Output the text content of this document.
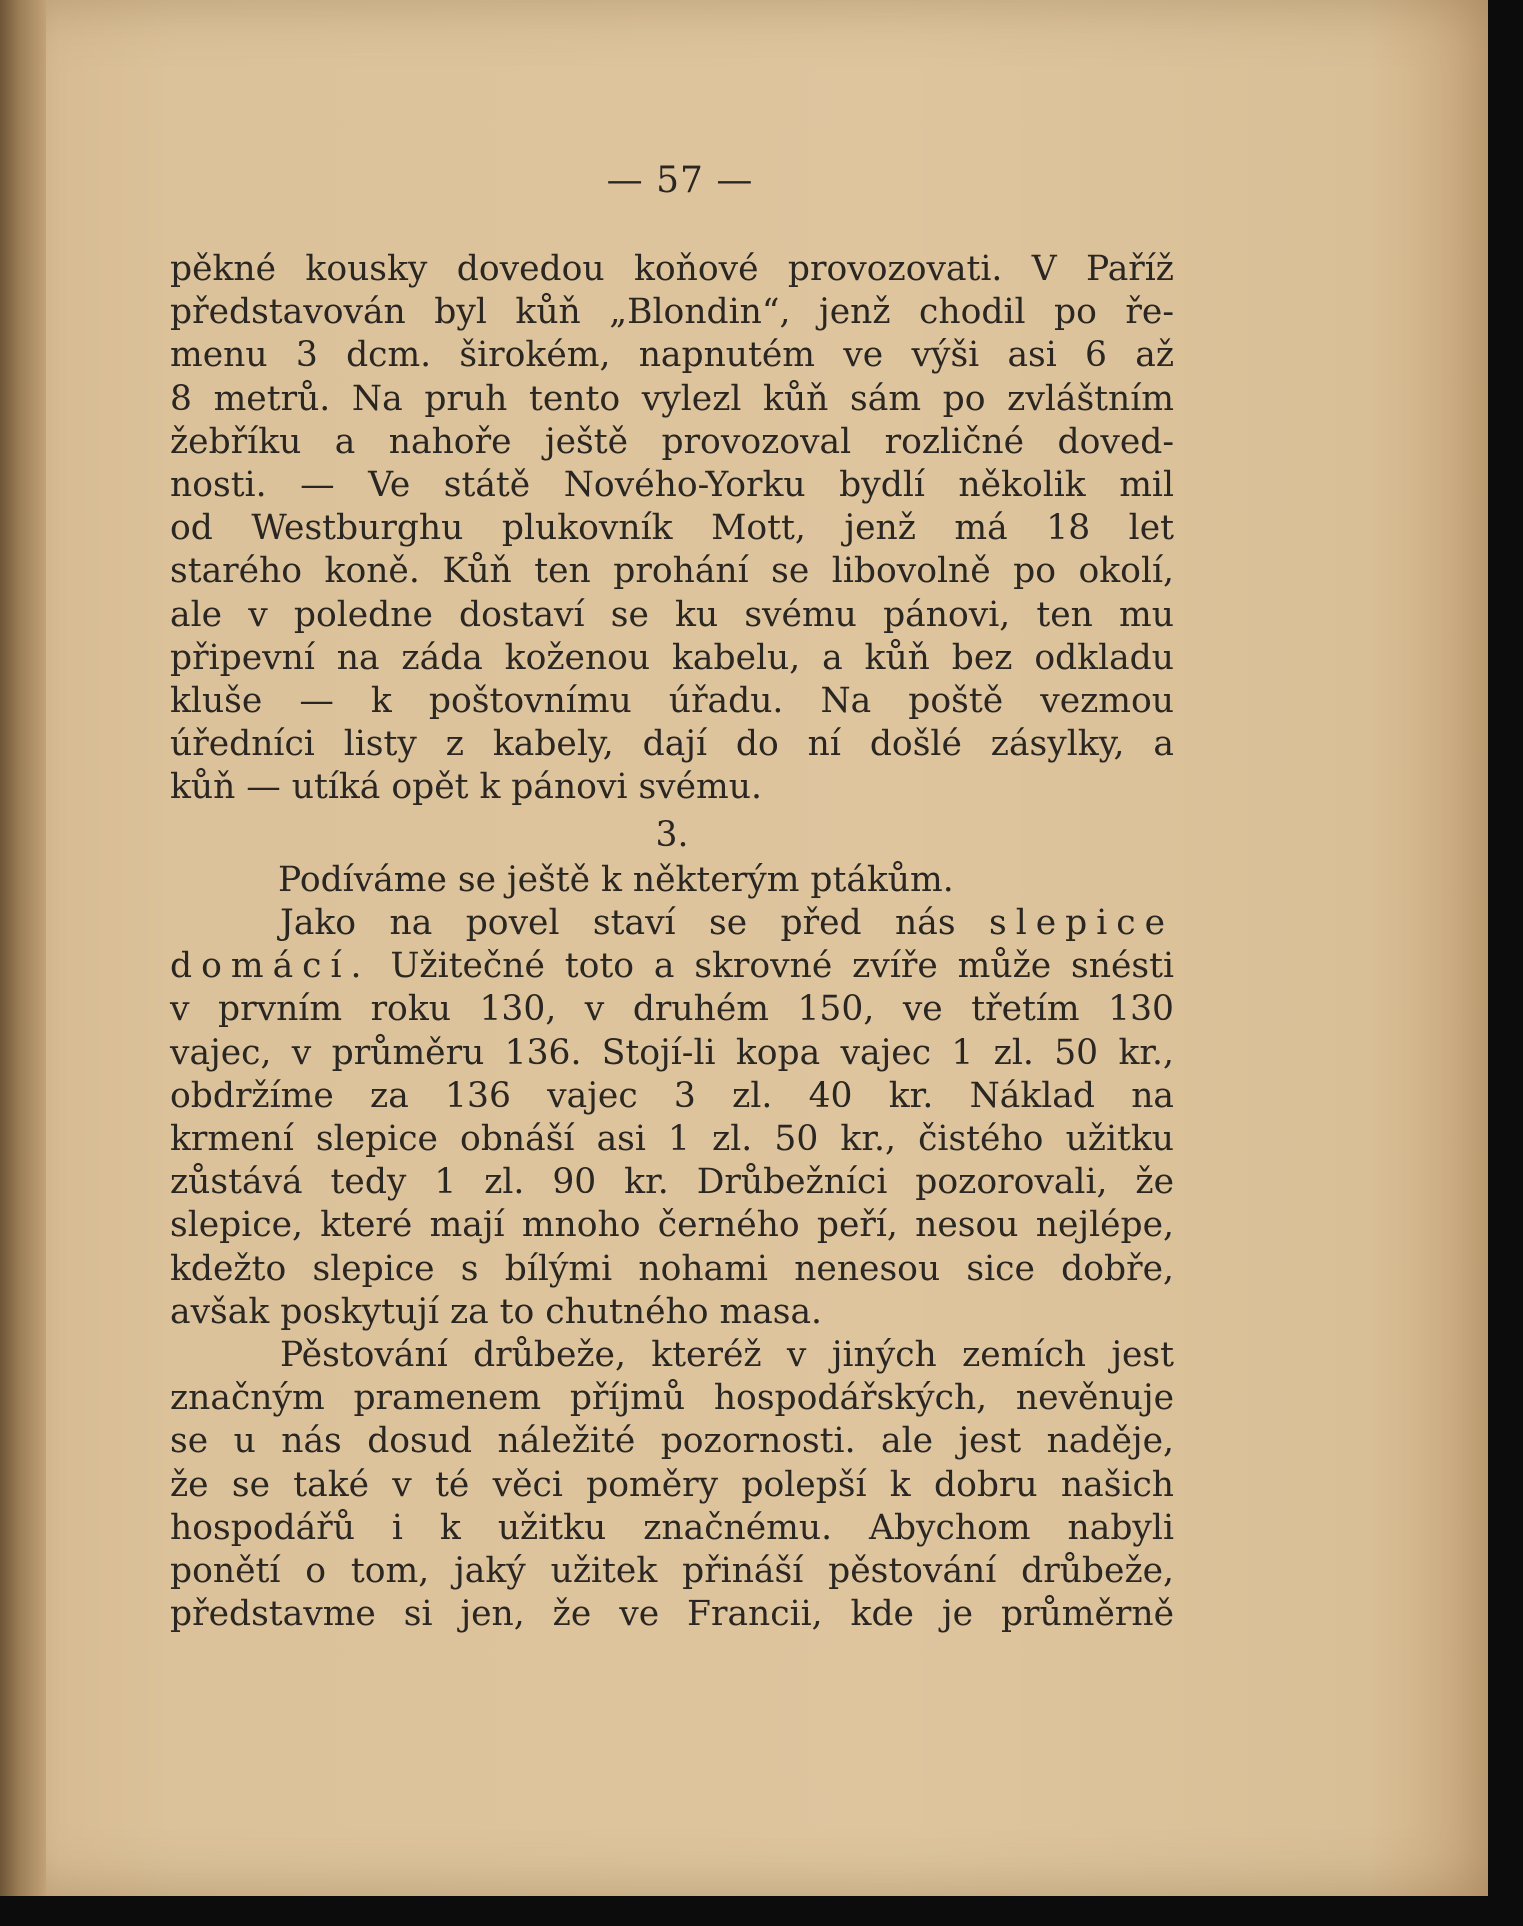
— 57 —
pěkné kousky dovedou koňové provozovati. V Paříž
představován byl kůň „Blondin“, jenž chodil po ře-
menu 3 dcm. širokém, napnutém ve výši asi 6 až
8 metrů. Na pruh tento vylezl kůň sám po zvláštním
žebříku a nahoře ještě provozoval rozličné doved-
nosti. — Ve státě Nového-Yorku bydlí několik mil
od Westburghu plukovník Mott, jenž má 18 let
starého koně. Kůň ten prohání se libovolně po okolí,
ale v poledne dostaví se ku svému pánovi, ten mu
připevní na záda koženou kabelu, a kůň bez odkladu
kluše — k poštovnímu úřadu. Na poště vezmou
úředníci listy z kabely, dají do ní došlé zásylky, a
kůň — utíká opět k pánovi svému.
3.
Podíváme se ještě k některým ptákům.
Jako na povel staví se před nás slepice
domácí. Užitečné toto a skrovné zvíře může snésti
v prvním roku 130, v druhém 150, ve třetím 130
vajec, v průměru 136. Stojí-li kopa vajec 1 zl. 50 kr.,
obdržíme za 136 vajec 3 zl. 40 kr. Náklad na
krmení slepice obnáší asi 1 zl. 50 kr., čistého užitku
zůstává tedy 1 zl. 90 kr. Drůbežníci pozorovali, že
slepice, které mají mnoho černého peří, nesou nejlépe,
kdežto slepice s bílými nohami nenesou sice dobře,
avšak poskytují za to chutného masa.
Pěstování drůbeže, kteréž v jiných zemích jest
značným pramenem příjmů hospodářských, nevěnuje
se u nás dosud náležité pozornosti. ale jest naděje,
že se také v té věci poměry polepší k dobru našich
hospodářů i k užitku značnému. Abychom nabyli
ponětí o tom, jaký užitek přináší pěstování drůbeže,
představme si jen, že ve Francii, kde je průměrně
